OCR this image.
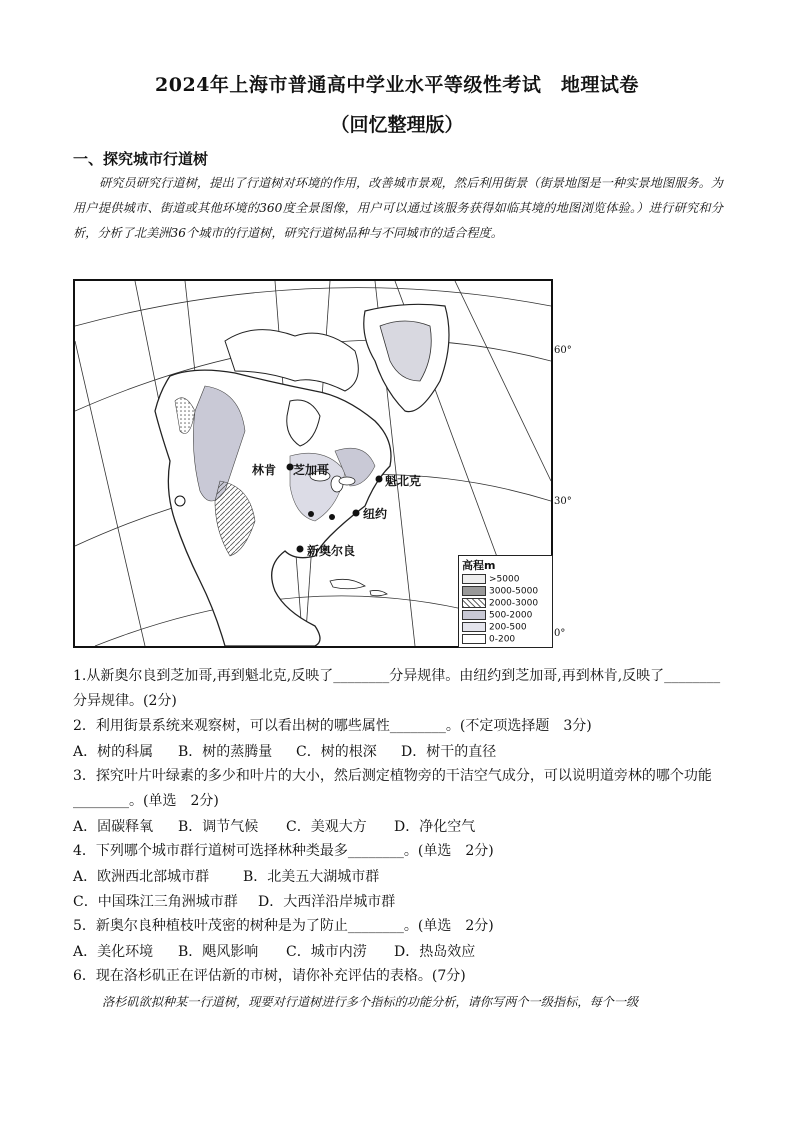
2024年上海市普通高中学业水平等级性考试　地理试卷
（回忆整理版）
一、探究城市行道树
研究员研究行道树，提出了行道树对环境的作用，改善城市景观，然后利用街景（街景地图是一种实景地图服务。为用户提供城市、街道或其他环境的360度全景图像，用户可以通过该服务获得如临其境的地图浏览体验。）进行研究和分析，分析了北美洲36个城市的行道树，研究行道树品种与不同城市的适合程度。
林肯 芝加哥
魁北克
纽约
新奥尔良
高程m
>5000
3000-5000
2000-3000
500-2000
200-500
0-200
60°
30°
0°
1.从新奥尔良到芝加哥,再到魁北克,反映了________分异规律。由纽约到芝加哥,再到林肯,反映了________
分异规律。(2分)
2．利用街景系统来观察树，可以看出树的哪些属性________。(不定项选择题　3分)
A．树的科属 B．树的蒸腾量 C．树的根深 D．树干的直径
3．探究叶片叶绿素的多少和叶片的大小，然后测定植物旁的干洁空气成分，可以说明道旁林的哪个功能
________。(单选　2分)
A．固碳释氧 B．调节气候 C．美观大方 D．净化空气
4．下列哪个城市群行道树可选择林种类最多________。(单选　2分)
A．欧洲西北部城市群 B．北美五大湖城市群
C．中国珠江三角洲城市群 D．大西洋沿岸城市群
5．新奥尔良种植枝叶茂密的树种是为了防止________。(单选　2分)
A．美化环境 B．飓风影响 C．城市内涝 D．热岛效应
6．现在洛杉矶正在评估新的市树，请你补充评估的表格。(7分)
洛杉矶欲拟种某一行道树，现要对行道树进行多个指标的功能分析，请你写两个一级指标，每个一级
